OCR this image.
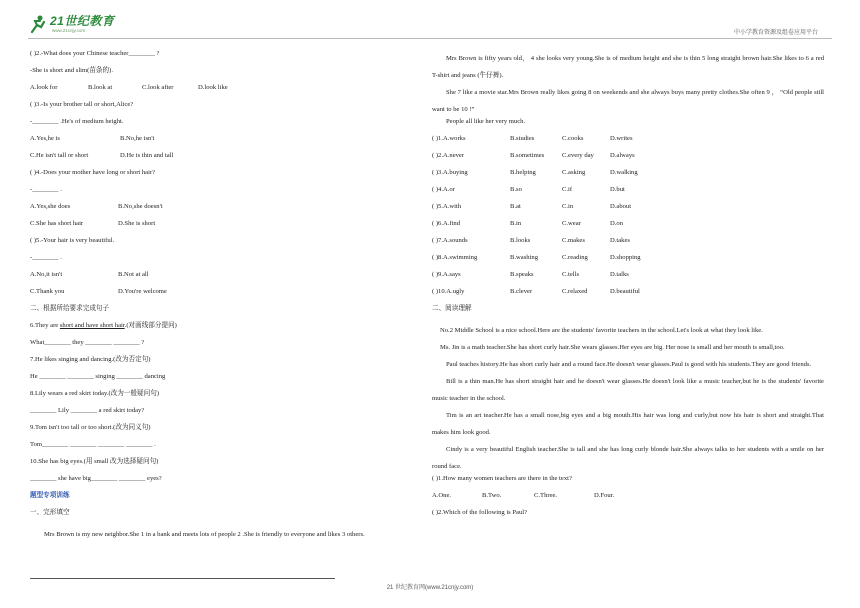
21世纪教育
www.21cnjy.com	中小学教育资源及组卷应用平台
( )2.-What does your Chinese teacher________ ?
-She is short and slim(苗条的).
A.look for	B.look at	C.look after	D.look like
( )3.-Is your brother tall or short,Alice?
-________ .He's of medium height.
A.Yes,he is	B.No,he isn't
C.He isn't tall or short	D.He is thin and tall
( )4.-Does your mother have long or short hair?
-________ .
A.Yes,she does	B.No,she doesn't
C.She has short hair	D.She is short
( )5.-Your hair is very beautiful.
-________ .
A.No,it isn't	B.Not at all
C.Thank you	D.You're welcome
二、根据所给要求完成句子
6.They are short and have short hair.(对画线部分提问)
What________ they ________ ________ ?
7.He likes singing and dancing.(改为否定句)
He ________ ________ singing ________ dancing
8.Lily wears a red skirt today.(改为一般疑问句)
________ Lily ________ a red skirt today?
9.Tom isn't too tall or too short.(改为同义句)
Tom________ ________ ________ ________ .
10.She has big eyes.(用 small 改为选择疑问句)
________ she have big________ ________ eyes?
题型专项训练
一、完形填空
Mrs Brown is my new neighbor.She 1 in a bank and meets lots of people 2 .She is friendly to everyone and likes 3 others.
Mrs Brown is fifty years old， 4 she looks very young.She is of medium height and she is thin 5 long straight brown hair.She likes to 6 a red T-shirt and jeans (牛仔裤).
She 7 like a movie star.Mrs Brown really likes going 8 on weekends and she always buys many pretty clothes.She often 9 ， “Old people still want to be 10 !”
People all like her very much.
( )1.A.works	B.studies	C.cooks	D.writes
( )2.A.never	B.sometimes	C.every day D.always
( )3.A.buying	B.helping	C.asking	D.walking
( )4.A.or	B.so	C.if	D.but
( )5.A.with	B.at	C.in	D.about
( )6.A.find	B.in	C.wear	D.on
( )7.A.sounds	B.looks	C.makes	D.takes
( )8.A.swimming	B.washing	C.reading	D.shopping
( )9.A.says	B.speaks	C.tells	D.talks
( )10.A.ugly	B.clever	C.relaxed	D.beautiful
二、阅读理解
No.2 Middle School is a nice school.Here are the students' favorite teachers in the school.Let's look at what they look like.
Ms. Jin is a math teacher.She has short curly hair.She wears glasses.Her eyes are big. Her nose is small and her mouth is small,too.
Paul teaches history.He has short curly hair and a round face.He doesn't wear glasses.Paul is good with his students.They are good friends.
Bill is a thin man.He has short straight hair and he doesn't wear glasses.He doesn't look like a music teacher,but he is the students' favorite music teacher in the school.
Tim is an art teacher.He has a small nose,big eyes and a big mouth.His hair was long and curly,but now his hair is short and straight.That makes him look good.
Cindy is a very beautiful English teacher.She is tall and she has long curly blonde hair.She always talks to her students with a smile on her round face.
( )1.How many women teachers are there in the text?
A.One.	B.Two.	C.Three.	D.Four.
( )2.Which of the following is Paul?
21 世纪教育网(www.21cnjy.com)
